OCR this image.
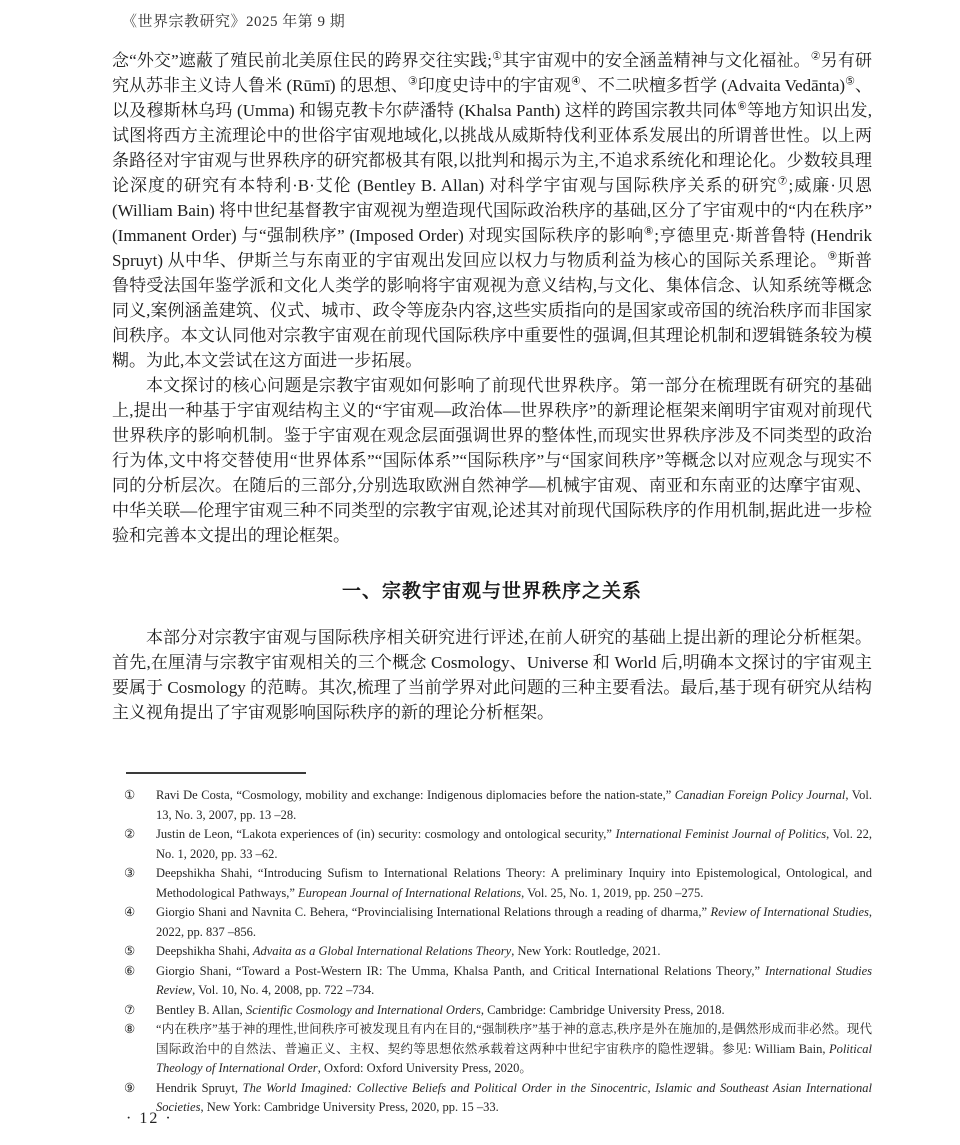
《世界宗教研究》2025 年第 9 期

念“外交”遮蔽了殖民前北美原住民的跨界交往实践;①其宇宙观中的安全涵盖精神与文化福祉。②另有研究从苏非主义诗人鲁米 (Rūmī) 的思想、③印度史诗中的宇宙观④、不二吠檀多哲学 (Advaita Vedānta)⑤、以及穆斯林乌玛 (Umma) 和锡克教卡尔萨潘特 (Khalsa Panth) 这样的跨国宗教共同体⑥等地方知识出发,试图将西方主流理论中的世俗宇宙观地域化,以挑战从威斯特伐利亚体系发展出的所谓普世性。以上两条路径对宇宙观与世界秩序的研究都极其有限,以批判和揭示为主,不追求系统化和理论化。少数较具理论深度的研究有本特利·B·艾伦 (Bentley B. Allan) 对科学宇宙观与国际秩序关系的研究⑦;威廉·贝恩 (William Bain) 将中世纪基督教宇宙观视为塑造现代国际政治秩序的基础,区分了宇宙观中的“内在秩序” (Immanent Order) 与“强制秩序” (Imposed Order) 对现实国际秩序的影响⑧;亨德里克·斯普鲁特 (Hendrik Spruyt) 从中华、伊斯兰与东南亚的宇宙观出发回应以权力与物质利益为核心的国际关系理论。⑨斯普鲁特受法国年鉴学派和文化人类学的影响将宇宙观视为意义结构,与文化、集体信念、认知系统等概念同义,案例涵盖建筑、仪式、城市、政令等庞杂内容,这些实质指向的是国家或帝国的统治秩序而非国家间秩序。本文认同他对宗教宇宙观在前现代国际秩序中重要性的强调,但其理论机制和逻辑链条较为模糊。为此,本文尝试在这方面进一步拓展。

本文探讨的核心问题是宗教宇宙观如何影响了前现代世界秩序。第一部分在梳理既有研究的基础上,提出一种基于宇宙观结构主义的“宇宙观—政治体—世界秩序”的新理论框架来阐明宇宙观对前现代世界秩序的影响机制。鉴于宇宙观在观念层面强调世界的整体性,而现实世界秩序涉及不同类型的政治行为体,文中将交替使用“世界体系”“国际体系”“国际秩序”与“国家间秩序”等概念以对应观念与现实不同的分析层次。在随后的三部分,分别选取欧洲自然神学—机械宇宙观、南亚和东南亚的达摩宇宙观、中华关联—伦理宇宙观三种不同类型的宗教宇宙观,论述其对前现代国际秩序的作用机制,据此进一步检验和完善本文提出的理论框架。

一、宗教宇宙观与世界秩序之关系

本部分对宗教宇宙观与国际秩序相关研究进行评述,在前人研究的基础上提出新的理论分析框架。首先,在厘清与宗教宇宙观相关的三个概念 Cosmology、Universe 和 World 后,明确本文探讨的宇宙观主要属于 Cosmology 的范畴。其次,梳理了当前学界对此问题的三种主要看法。最后,基于现有研究从结构主义视角提出了宇宙观影响国际秩序的新的理论分析框架。

①	Ravi De Costa, “Cosmology, mobility and exchange: Indigenous diplomacies before the nation-state,” Canadian Foreign Policy Journal, Vol. 13, No. 3, 2007, pp. 13 –28.
②	Justin de Leon, “Lakota experiences of (in) security: cosmology and ontological security,” International Feminist Journal of Politics, Vol. 22, No. 1, 2020, pp. 33 –62.
③	Deepshikha Shahi, “Introducing Sufism to International Relations Theory: A preliminary Inquiry into Epistemological, Ontological, and Methodological Pathways,” European Journal of International Relations, Vol. 25, No. 1, 2019, pp. 250 –275.
④	Giorgio Shani and Navnita C. Behera, “Provincialising International Relations through a reading of dharma,” Review of International Studies, 2022, pp. 837 –856.
⑤	Deepshikha Shahi, Advaita as a Global International Relations Theory, New York: Routledge, 2021.
⑥	Giorgio Shani, “Toward a Post-Western IR: The Umma, Khalsa Panth, and Critical International Relations Theory,” International Studies Review, Vol. 10, No. 4, 2008, pp. 722 –734.
⑦	Bentley B. Allan, Scientific Cosmology and International Orders, Cambridge: Cambridge University Press, 2018.
⑧	“内在秩序”基于神的理性,世间秩序可被发现且有内在目的,“强制秩序”基于神的意志,秩序是外在施加的,是偶然形成而非必然。现代国际政治中的自然法、普遍正义、主权、契约等思想依然承载着这两种中世纪宇宙秩序的隐性逻辑。参见: William Bain, Political Theology of International Order, Oxford: Oxford University Press, 2020。
⑨	Hendrik Spruyt, The World Imagined: Collective Beliefs and Political Order in the Sinocentric, Islamic and Southeast Asian International Societies, New York: Cambridge University Press, 2020, pp. 15 –33.
· 12 ·
